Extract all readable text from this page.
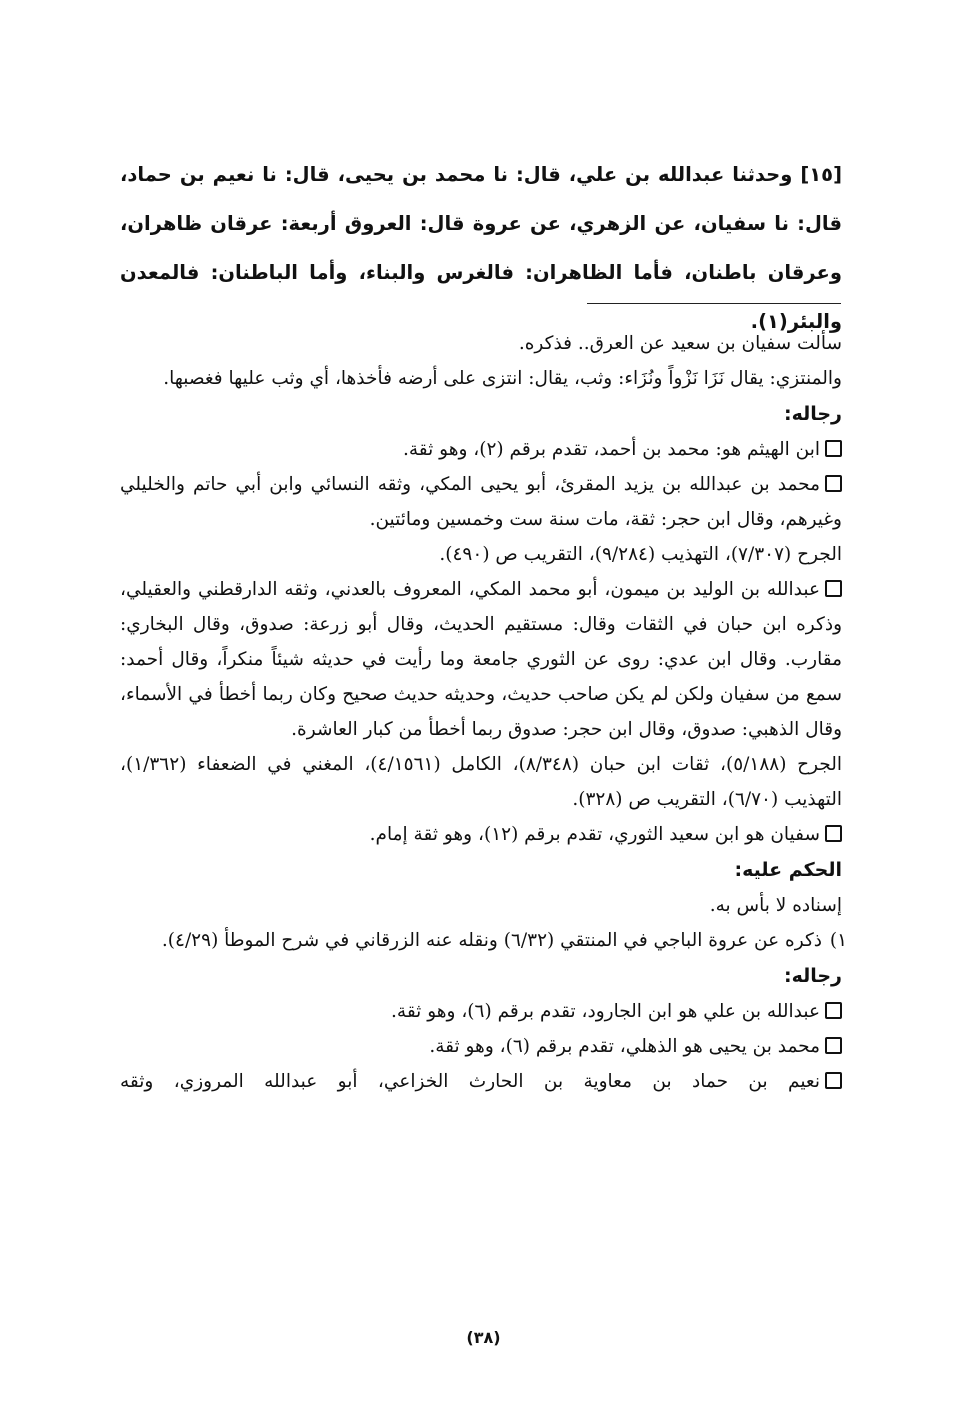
[١٥] وحدثنا عبدالله بن علي، قال: نا محمد بن يحيى، قال: نا نعيم بن حماد، قال: نا سفيان، عن الزهري، عن عروة قال: العروق أربعة: عرقان ظاهران، وعرقان باطنان، فأما الظاهران: فالغرس والبناء، وأما الباطنان: فالمعدن والبئر(١).

سألت سفيان بن سعيد عن العرق.. فذكره.

والمنتزي: يقال نَزَا نَزْواً ونُزَاء: وثب، يقال: انتزى على أرضه فأخذها، أي وثب عليها فغصبها.

رجاله:

ابن الهيثم هو: محمد بن أحمد، تقدم برقم (٢)، وهو ثقة.

محمد بن عبدالله بن يزيد المقرئ، أبو يحيى المكي، وثقه النسائي وابن أبي حاتم والخليلي وغيرهم، وقال ابن حجر: ثقة، مات سنة ست وخمسين ومائتين.

الجرح (٧/٣٠٧)، التهذيب (٩/٢٨٤)، التقريب ص (٤٩٠).

عبدالله بن الوليد بن ميمون، أبو محمد المكي، المعروف بالعدني، وثقه الدارقطني والعقيلي، وذكره ابن حبان في الثقات وقال: مستقيم الحديث، وقال أبو زرعة: صدوق، وقال البخاري: مقارب. وقال ابن عدي: روى عن الثوري جامعة وما رأيت في حديثه شيئاً منكراً، وقال أحمد: سمع من سفيان ولكن لم يكن صاحب حديث، وحديثه حديث صحيح وكان ربما أخطأ في الأسماء، وقال الذهبي: صدوق، وقال ابن حجر: صدوق ربما أخطأ من كبار العاشرة.

الجرح (٥/١٨٨)، ثقات ابن حبان (٨/٣٤٨)، الكامل (٤/١٥٦١)، المغني في الضعفاء (١/٣٦٢)، التهذيب (٦/٧٠)، التقريب ص (٣٢٨).

سفيان هو ابن سعيد الثوري، تقدم برقم (١٢)، وهو ثقة إمام.

الحكم عليه:

إسناده لا بأس به.

١)
ذكره عن عروة الباجي في المنتقي (٦/٣٢) ونقله عنه الزرقاني في شرح الموطأ (٤/٢٩).

رجاله:

عبدالله بن علي هو ابن الجارود، تقدم برقم (٦)، وهو ثقة.

محمد بن يحيى هو الذهلي، تقدم برقم (٦)، وهو ثقة.

نعيم بن حماد بن معاوية بن الحارث الخزاعي، أبو عبدالله المروزي، وثقه

(٣٨)
